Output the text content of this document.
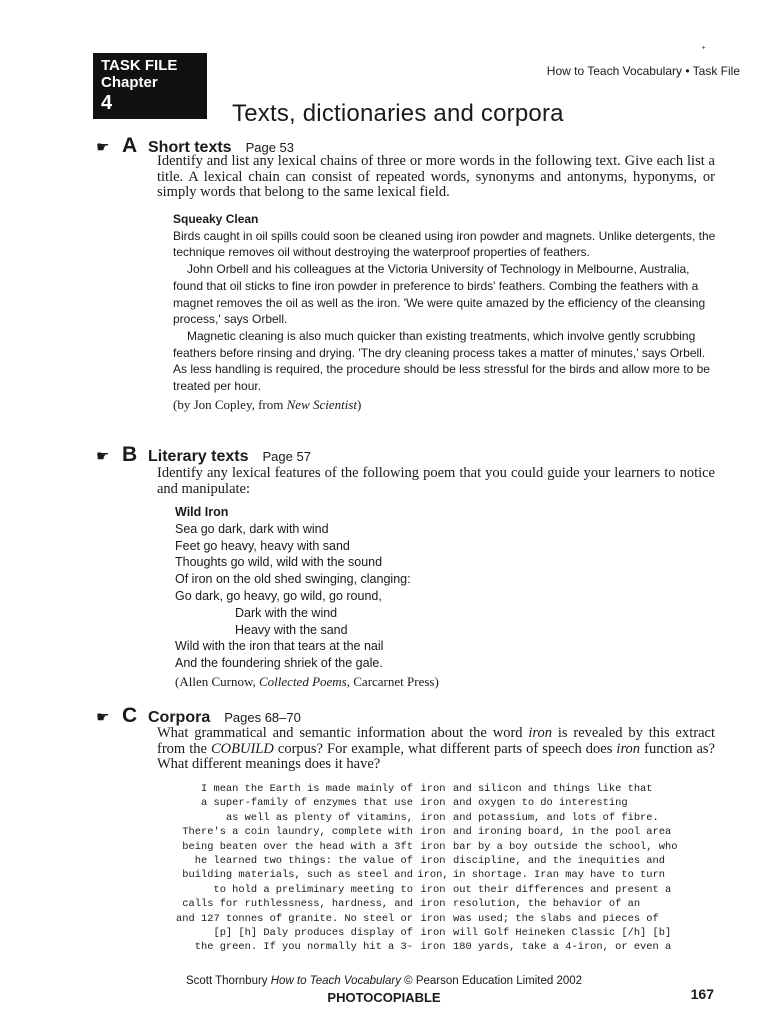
TASK FILE
Chapter
4
⁺
How to Teach Vocabulary • Task File
Texts, dictionaries and corpora
☛ A Short texts Page 53
Identify and list any lexical chains of three or more words in the following text. Give each list a title. A lexical chain can consist of repeated words, synonyms and antonyms, hyponyms, or simply words that belong to the same lexical field.

Squeaky Clean

Birds caught in oil spills could soon be cleaned using iron powder and magnets. Unlike detergents, the technique removes oil without destroying the waterproof properties of feathers.

John Orbell and his colleagues at the Victoria University of Technology in Melbourne, Australia, found that oil sticks to fine iron powder in preference to birds' feathers. Combing the feathers with a magnet removes the oil as well as the iron. 'We were quite amazed by the efficiency of the cleansing process,' says Orbell.

Magnetic cleaning is also much quicker than existing treatments, which involve gently scrubbing feathers before rinsing and drying. 'The dry cleaning process takes a matter of minutes,' says Orbell. As less handling is required, the procedure should be less stressful for the birds and allow more to be treated per hour.

(by Jon Copley, from New Scientist)

☛ B Literary texts Page 57
Identify any lexical features of the following poem that you could guide your learners to notice and manipulate:
Wild Iron
Sea go dark, dark with wind
Feet go heavy, heavy with sand
Thoughts go wild, wild with the sound
Of iron on the old shed swinging, clanging:
Go dark, go heavy, go wild, go round,
Dark with the wind
Heavy with the sand
Wild with the iron that tears at the nail
And the foundering shriek of the gale.
(Allen Curnow, Collected Poems, Carcarnet Press)
☛ C Corpora Pages 68–70
What grammatical and semantic information about the word iron is revealed by this extract from the COBUILD corpus? For example, what different parts of speech does iron function as? What different meanings does it have?
I mean the Earth is made mainly of iron and silicon and things like that
a super-family of enzymes that use iron and oxygen to do interesting
as well as plenty of vitamins, iron and potassium, and lots of fibre.
There's a coin laundry, complete with iron and ironing board, in the pool area
being beaten over the head with a 3ft iron bar by a boy outside the school, who
he learned two things: the value of iron discipline, and the inequities and
building materials, such as steel and iron, in shortage. Iran may have to turn
to hold a preliminary meeting to iron out their differences and present a
calls for ruthlessness, hardness, and iron resolution, the behavior of an
and 127 tonnes of granite. No steel or iron was used; the slabs and pieces of
[p] [h] Daly produces display of iron will Golf Heineken Classic [/h] [b]
the green. If you normally hit a 3- iron 180 yards, take a 4-iron, or even a
Scott Thornbury How to Teach Vocabulary © Pearson Education Limited 2002
PHOTOCOPIABLE	167
